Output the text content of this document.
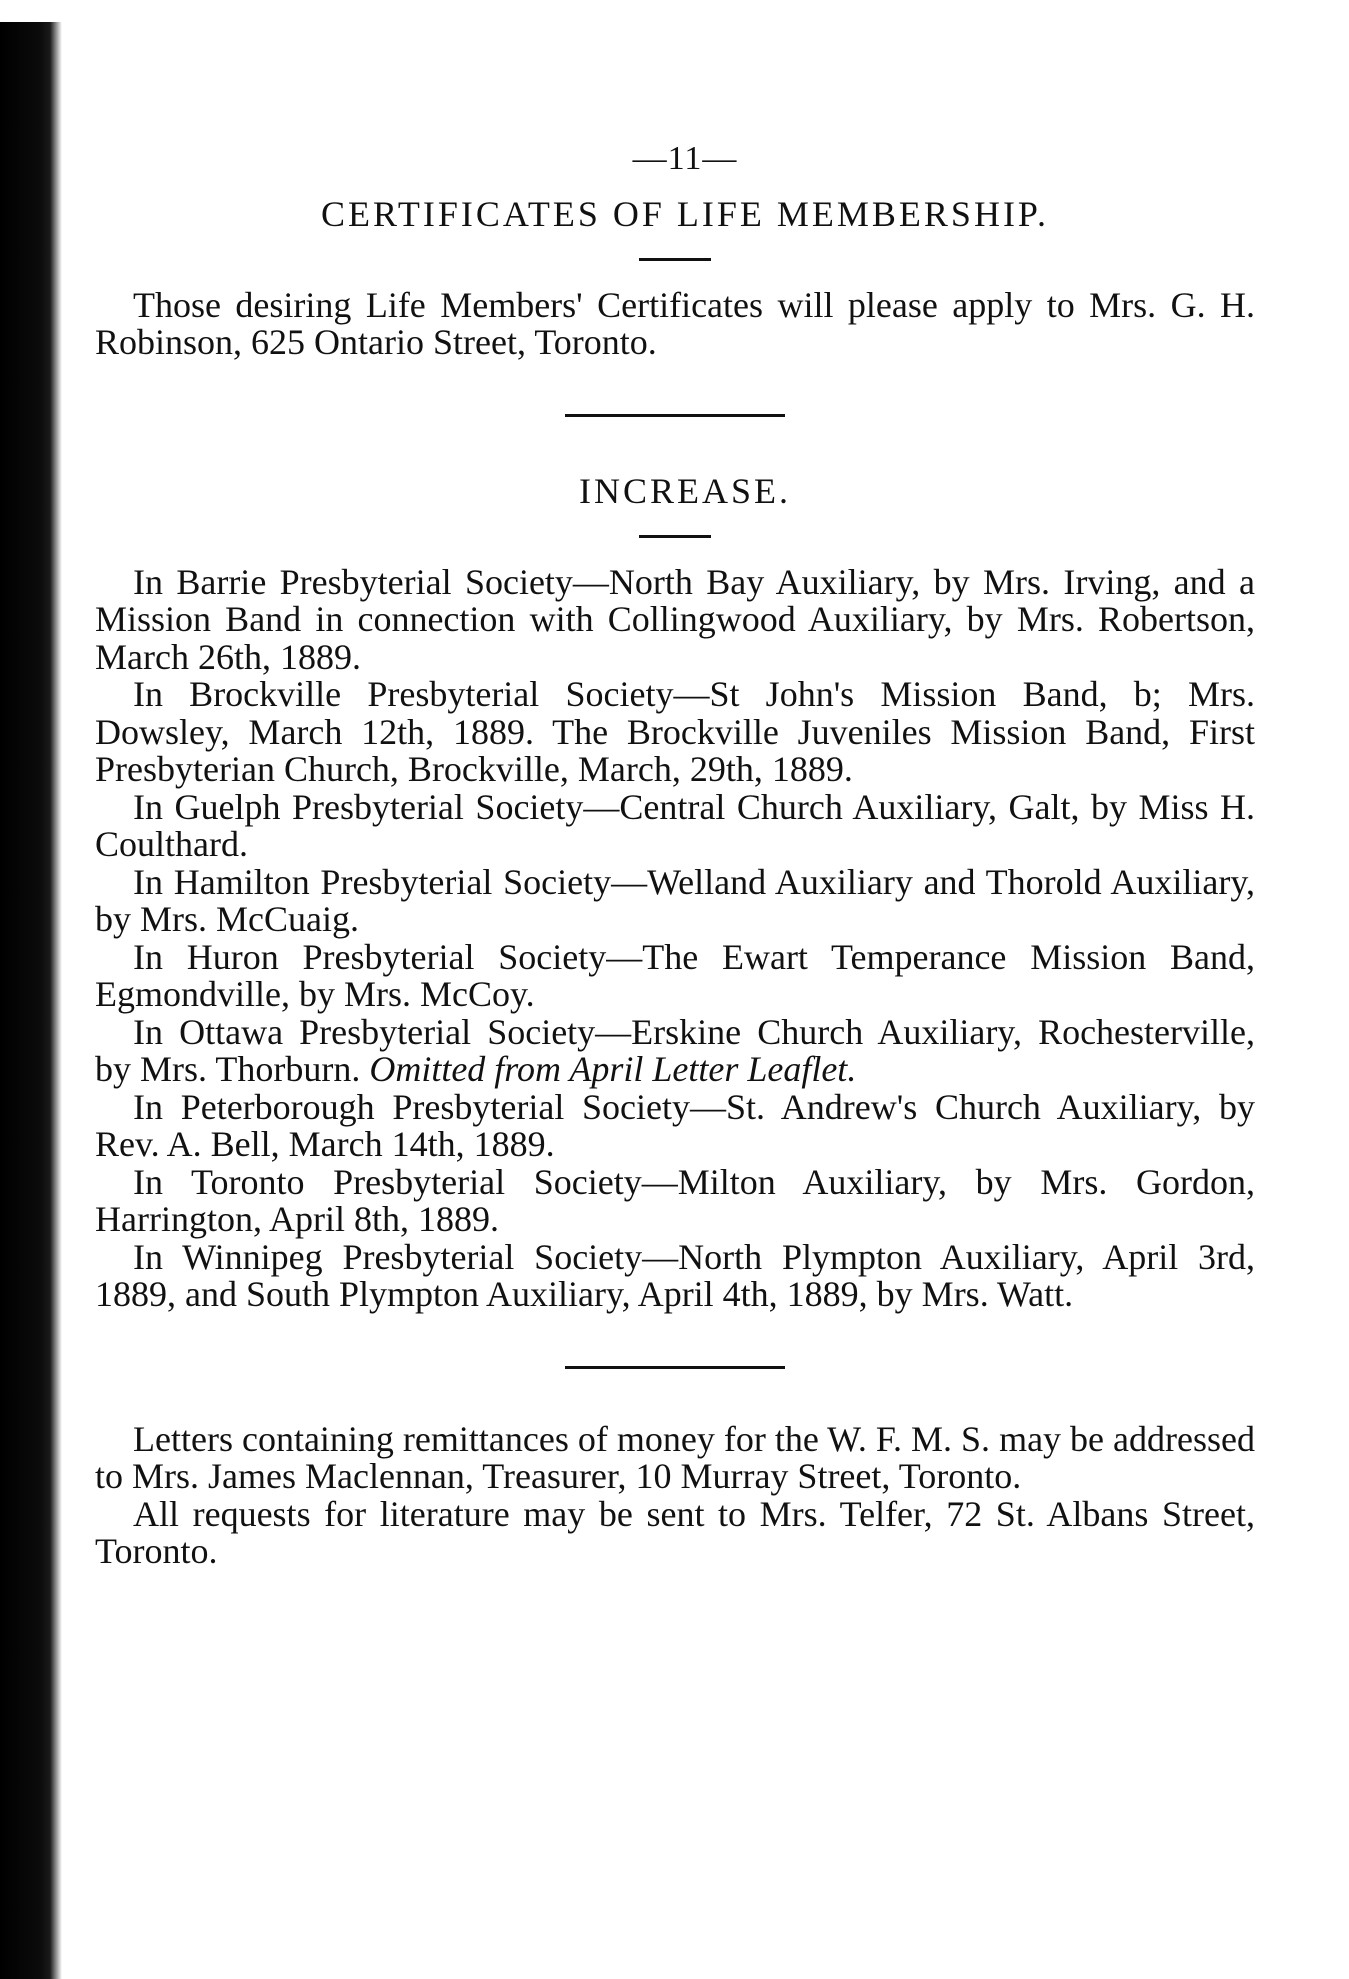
—11—
CERTIFICATES OF LIFE MEMBERSHIP.

Those desiring Life Members' Certificates will please apply to Mrs. G. H. Robinson, 625 Ontario Street, Toronto.

INCREASE.

In Barrie Presbyterial Society—North Bay Auxiliary, by Mrs. Irving, and a Mission Band in connection with Collingwood Auxiliary, by Mrs. Robertson, March 26th, 1889.

In Brockville Presbyterial Society—St John's Mission Band, b; Mrs. Dowsley, March 12th, 1889. The Brockville Juveniles Mission Band, First Presbyterian Church, Brockville, March, 29th, 1889.

In Guelph Presbyterial Society—Central Church Auxiliary, Galt, by Miss H. Coulthard.

In Hamilton Presbyterial Society—Welland Auxiliary and Thorold Auxiliary, by Mrs. McCuaig.

In Huron Presbyterial Society—The Ewart Temperance Mission Band, Egmondville, by Mrs. McCoy.

In Ottawa Presbyterial Society—Erskine Church Auxiliary, Rochesterville, by Mrs. Thorburn. Omitted from April Letter Leaflet.

In Peterborough Presbyterial Society—St. Andrew's Church Auxiliary, by Rev. A. Bell, March 14th, 1889.

In Toronto Presbyterial Society—Milton Auxiliary, by Mrs. Gordon, Harrington, April 8th, 1889.

In Winnipeg Presbyterial Society—North Plympton Auxiliary, April 3rd, 1889, and South Plympton Auxiliary, April 4th, 1889, by Mrs. Watt.

Letters containing remittances of money for the W. F. M. S. may be addressed to Mrs. James Maclennan, Treasurer, 10 Murray Street, Toronto.

All requests for literature may be sent to Mrs. Telfer, 72 St. Albans Street, Toronto.
